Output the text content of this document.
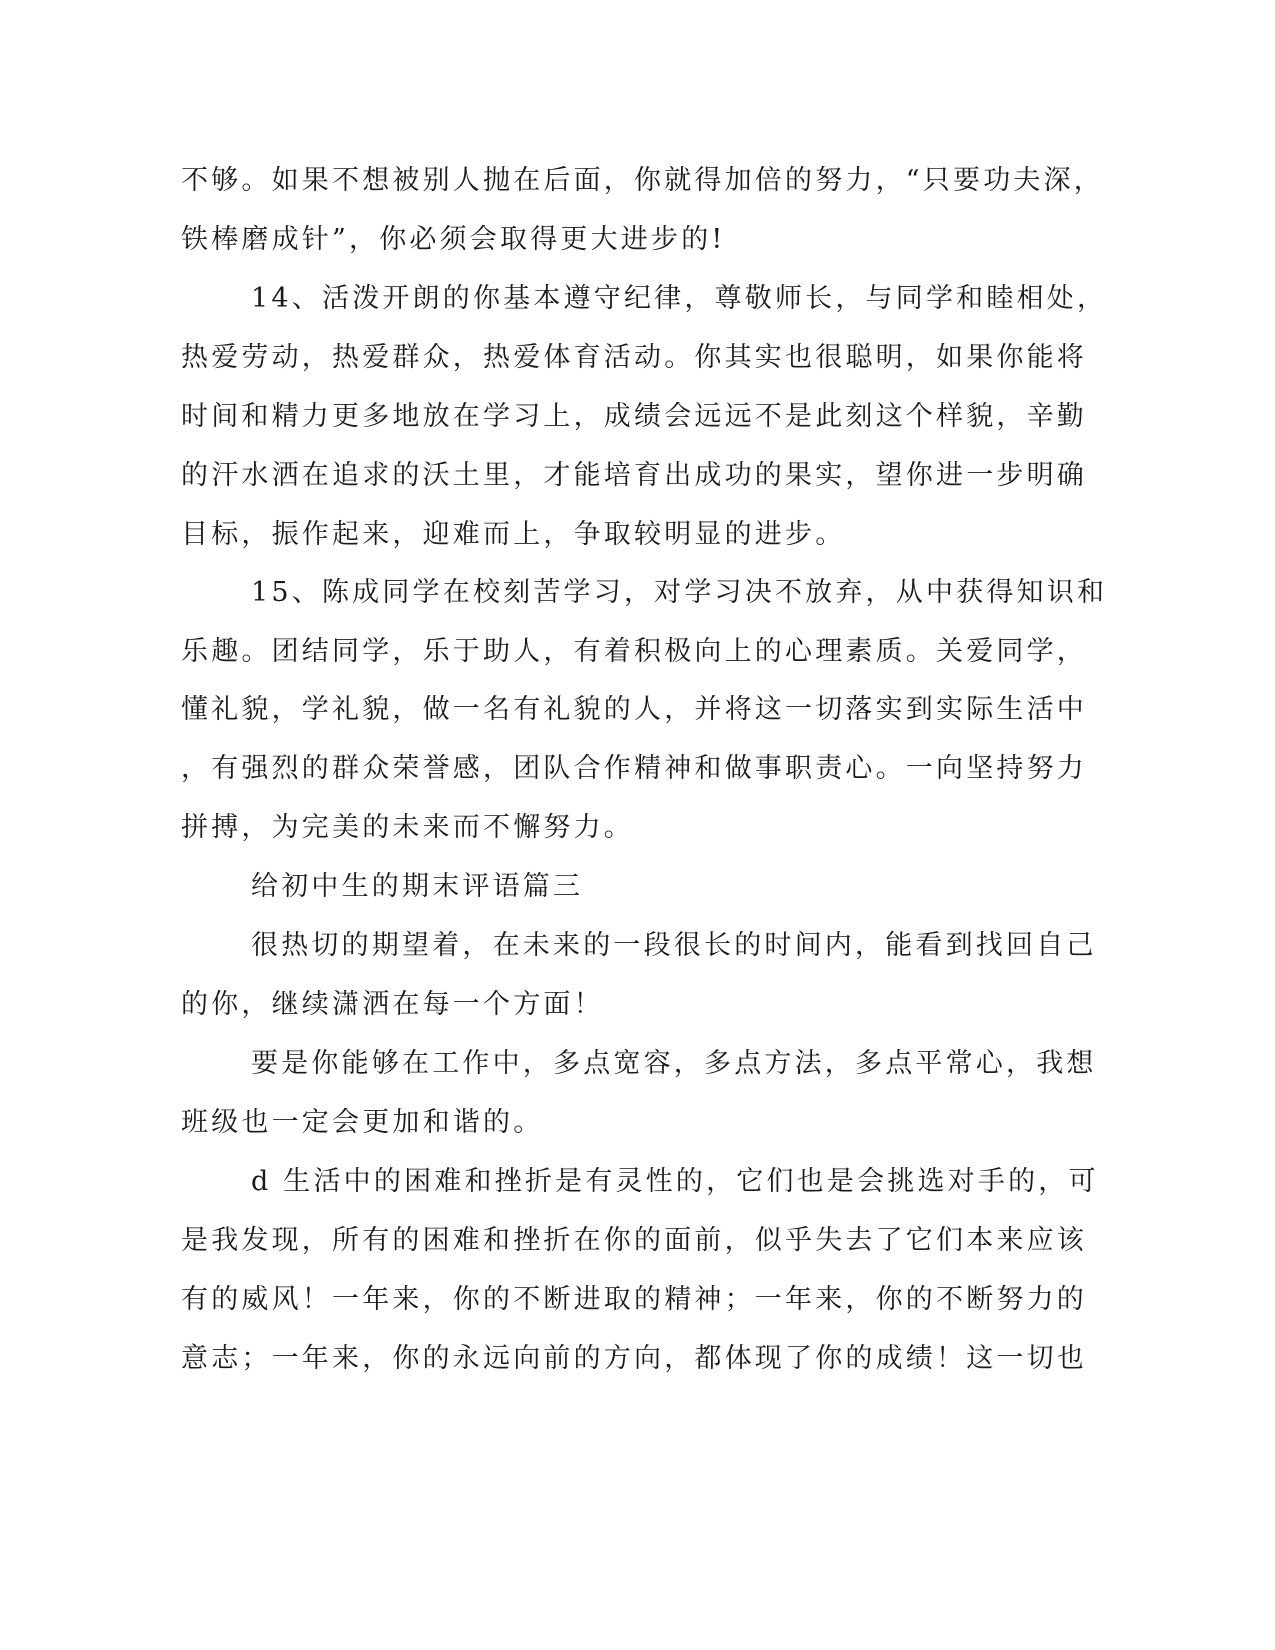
不够。如果不想被别人抛在后面，你就得加倍的努力，“只要功夫深，
铁棒磨成针”，你必须会取得更大进步的!
14、活泼开朗的你基本遵守纪律，尊敬师长，与同学和睦相处，
热爱劳动，热爱群众，热爱体育活动。你其实也很聪明，如果你能将
时间和精力更多地放在学习上，成绩会远远不是此刻这个样貌，辛勤
的汗水洒在追求的沃土里，才能培育出成功的果实，望你进一步明确
目标，振作起来，迎难而上，争取较明显的进步。
15、陈成同学在校刻苦学习，对学习决不放弃，从中获得知识和
乐趣。团结同学，乐于助人，有着积极向上的心理素质。关爱同学，
懂礼貌，学礼貌，做一名有礼貌的人，并将这一切落实到实际生活中
，有强烈的群众荣誉感，团队合作精神和做事职责心。一向坚持努力
拼搏，为完美的未来而不懈努力。
给初中生的期末评语篇三
很热切的期望着，在未来的一段很长的时间内，能看到找回自己
的你，继续潇洒在每一个方面！
要是你能够在工作中，多点宽容，多点方法，多点平常心，我想
班级也一定会更加和谐的。
d 生活中的困难和挫折是有灵性的，它们也是会挑选对手的，可
是我发现，所有的困难和挫折在你的面前，似乎失去了它们本来应该
有的威风！一年来，你的不断进取的精神；一年来，你的不断努力的
意志；一年来，你的永远向前的方向，都体现了你的成绩！这一切也
